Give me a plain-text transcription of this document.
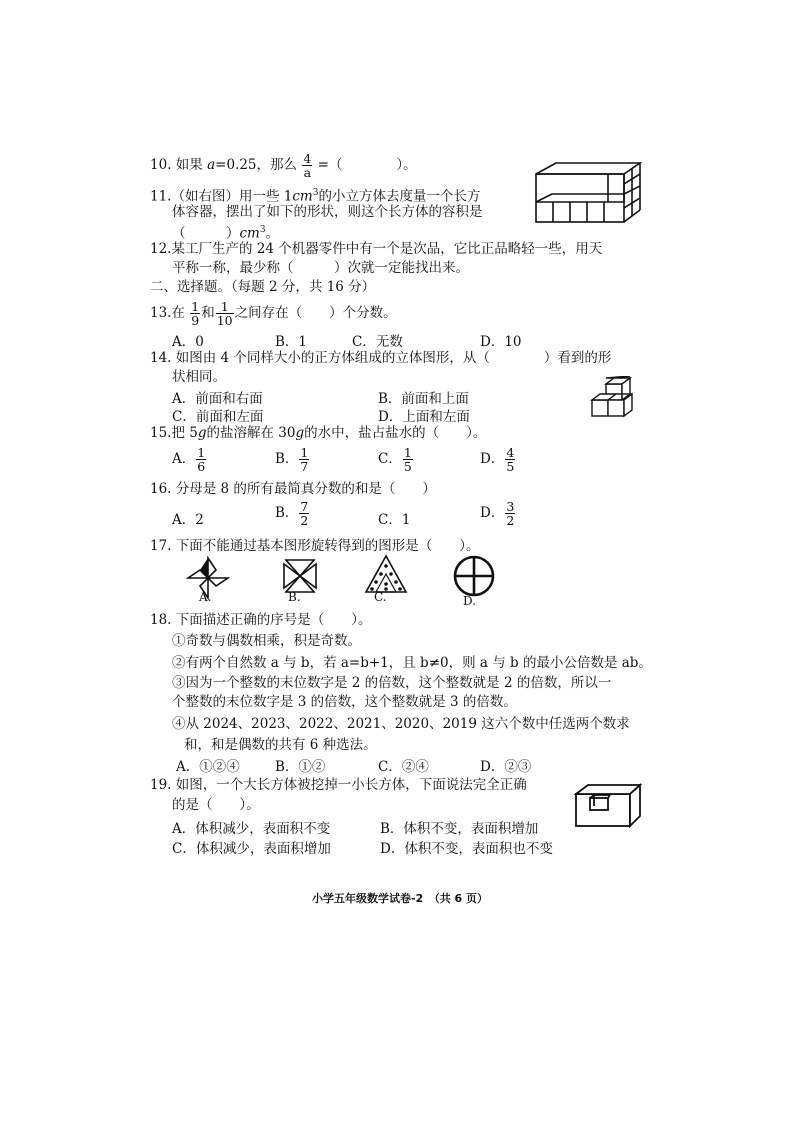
10. 如果 a=0.25，那么 $\frac{4}{a}$ =（　　　　）。
11.（如右图）用一些 $1cm^3$的小立方体去度量一个长方
体容器，摆出了如下的形状，则这个长方体的容积是
（　　　）$cm^3$。
12.某工厂生产的 24 个机器零件中有一个是次品，它比正品略轻一些，用天
平称一称，最少称（　　　）次就一定能找出来。
二、选择题。（每题 2 分，共 16 分）
13.在 $\frac{1}{9}$ 和 $\frac{1}{10}$ 之间存在（　　）个分数。
A．0	B．1	C．无数	D．10
14. 如图由 4 个同样大小的正方体组成的立体图形，从（　　　　）看到的形
状相同。
A．前面和右面	B．前面和上面
C．前面和左面	D．上面和左面
15.把 5g的盐溶解在 30g的水中，盐占盐水的（　　）。
A． $\frac{1}{6}$	B． $\frac{1}{7}$	C． $\frac{1}{5}$	D． $\frac{4}{5}$
16. 分母是 8 的所有最简真分数的和是（　　）
A．2	B． $\frac{7}{2}$	C．1	D． $\frac{3}{2}$
17. 下面不能通过基本图形旋转得到的图形是（　　）。
A.	B.	C.	D.
18. 下面描述正确的序号是（　　）。
①奇数与偶数相乘，积是奇数。
②有两个自然数 a 与 b，若 a=b+1，且 b≠0，则 a 与 b 的最小公倍数是 ab。
③因为一个整数的末位数字是 2 的倍数，这个整数就是 2 的倍数，所以一
个整数的末位数字是 3 的倍数，这个整数就是 3 的倍数。
④从 2024、2023、2022、2021、2020、2019 这六个数中任选两个数求
和，和是偶数的共有 6 种选法。
A．①②④	B．①②	C．②④	D．②③
19. 如图，一个大长方体被挖掉一小长方体，下面说法完全正确
的是（　　）。
A．体积减少，表面积不变	B．体积不变，表面积增加
C．体积减少，表面积增加	D．体积不变，表面积也不变
小学五年级数学试卷-2　（共 6 页）
